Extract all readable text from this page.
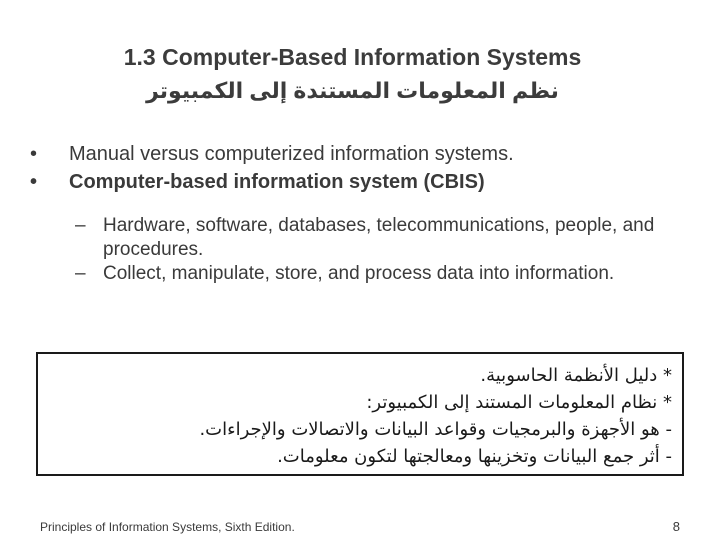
1.3 Computer-Based Information Systems
نظم المعلومات المستندة إلى الكمبيوتر
•	Manual versus computerized information systems.
•	Computer-based information system (CBIS)
– Hardware, software, databases, telecommunications, people, and procedures.
– Collect, manipulate, store, and process data into information.
* دليل الأنظمة الحاسوبية.
* نظام المعلومات المستند إلى الكمبيوتر:
- هو الأجهزة والبرمجيات وقواعد البيانات والاتصالات والإجراءات.
- أثر جمع البيانات وتخزينها ومعالجتها لتكون معلومات.
Principles of Information Systems, Sixth Edition.	8
